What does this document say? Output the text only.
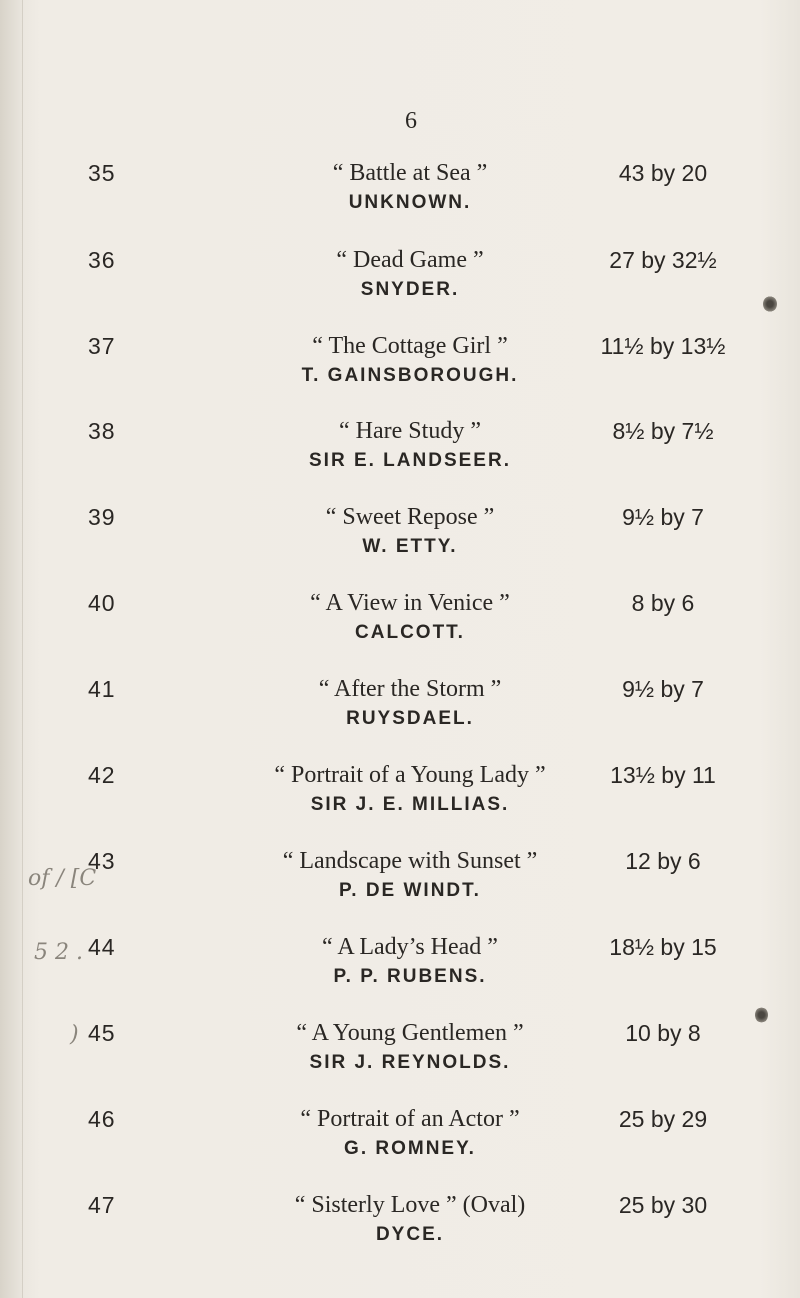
6
35	“ Battle at Sea ”
UNKNOWN.
43 by 20
36	“ Dead Game ”
SNYDER.
27 by 32½
37	“ The Cottage Girl ”
T. GAINSBOROUGH.
11½ by 13½
38	“ Hare Study ”
SIR E. LANDSEER.
8½ by 7½
39	“ Sweet Repose ”
W. ETTY.
9½ by 7
40	“ A View in Venice ”
CALCOTT.
8 by 6
41	“ After the Storm ”
RUYSDAEL.
9½ by 7
42	“ Portrait of a Young Lady ”
SIR J. E. MILLIAS.
13½ by 11
43	“ Landscape with Sunset ”
P. DE WINDT.
12 by 6
44	“ A Lady’s Head ”
P. P. RUBENS.
18½ by 15
45	“ A Young Gentlemen ”
SIR J. REYNOLDS.
10 by 8
46	“ Portrait of an Actor ”
G. ROMNEY.
25 by 29
47	“ Sisterly Love ” (Oval)
DYCE.
25 by 30
of / [C
5 2 .
)
